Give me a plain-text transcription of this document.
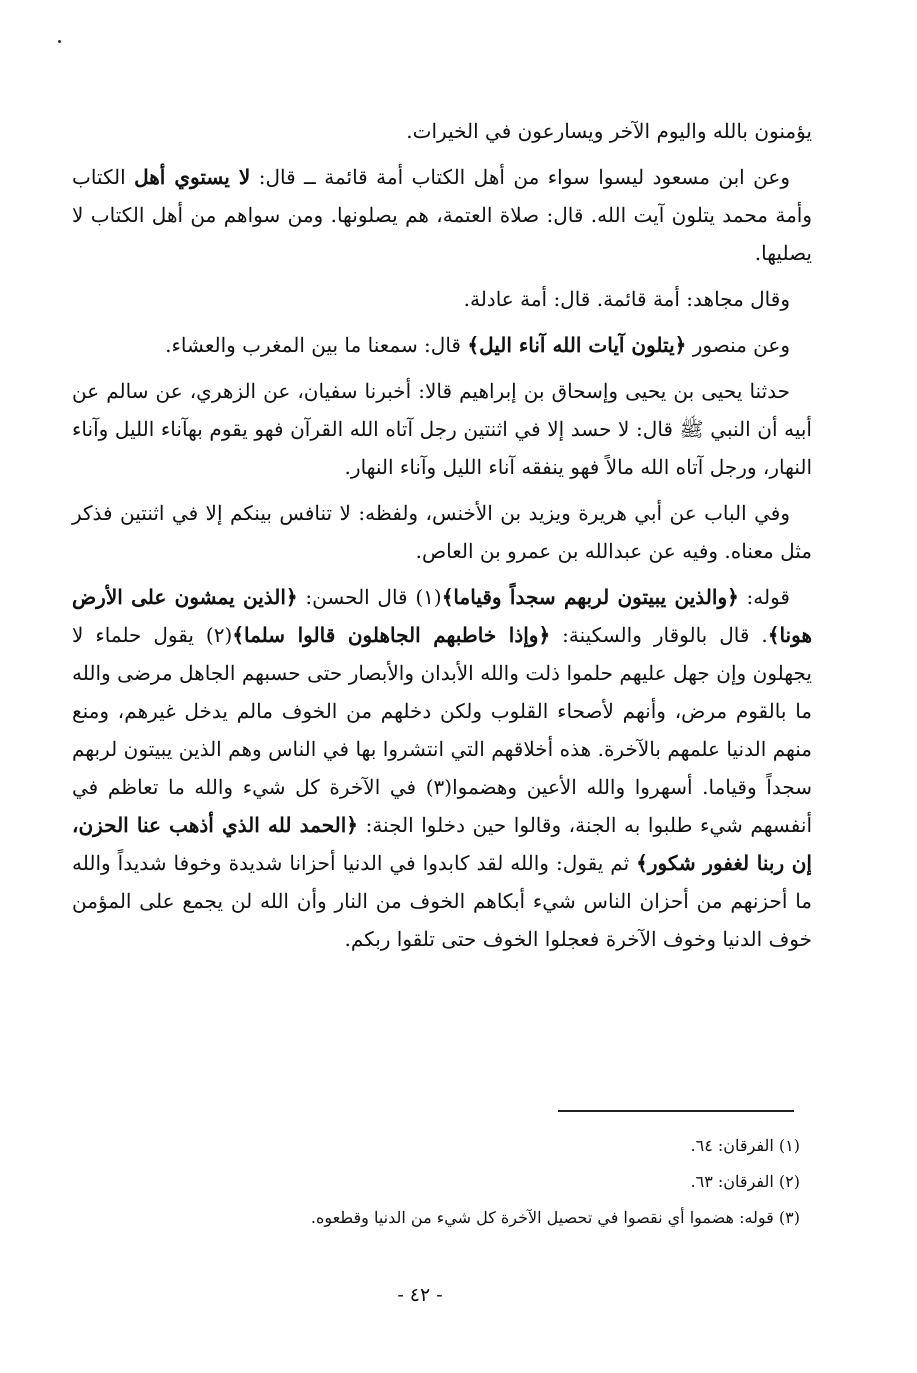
يؤمنون بالله واليوم الآخر ويسارعون في الخيرات.

وعن ابن مسعود ليسوا سواء من أهل الكتاب أمة قائمة ــ قال: لا يستوي أهل الكتاب وأمة محمد يتلون آيت الله. قال: صلاة العتمة، هم يصلونها. ومن سواهم من أهل الكتاب لا يصليها.

وقال مجاهد: أمة قائمة. قال: أمة عادلة.

وعن منصور ﴿يتلون آيات الله آناء اليل﴾ قال: سمعنا ما بين المغرب والعشاء.

حدثنا يحيى بن يحيى وإسحاق بن إبراهيم قالا: أخبرنا سفيان، عن الزهري، عن سالم عن أبيه أن النبي ﷺ قال: لا حسد إلا في اثنتين رجل آتاه الله القرآن فهو يقوم بهآناء الليل وآناء النهار، ورجل آتاه الله مالاً فهو ينفقه آناء الليل وآناء النهار.

وفي الباب عن أبي هريرة ويزيد بن الأخنس، ولفظه: لا تنافس بينكم إلا في اثنتين فذكر مثل معناه. وفيه عن عبدالله بن عمرو بن العاص.

قوله: ﴿والذين يبيتون لربهم سجداً وقياما﴾(١) قال الحسن: ﴿الذين يمشون على الأرض هونا﴾. قال بالوقار والسكينة: ﴿وإذا خاطبهم الجاهلون قالوا سلما﴾(٢) يقول حلماء لا يجهلون وإن جهل عليهم حلموا ذلت والله الأبدان والأبصار حتى حسبهم الجاهل مرضى والله ما بالقوم مرض، وأنهم لأصحاء القلوب ولكن دخلهم من الخوف مالم يدخل غيرهم، ومنع منهم الدنيا علمهم بالآخرة. هذه أخلاقهم التي انتشروا بها في الناس وهم الذين يبيتون لربهم سجداً وقياما. أسهروا والله الأعين وهضموا(٣) في الآخرة كل شيء والله ما تعاظم في أنفسهم شيء طلبوا به الجنة، وقالوا حين دخلوا الجنة: ﴿الحمد لله الذي أذهب عنا الحزن، إن ربنا لغفور شكور﴾ ثم يقول: والله لقد كابدوا في الدنيا أحزانا شديدة وخوفا شديداً والله ما أحزنهم من أحزان الناس شيء أبكاهم الخوف من النار وأن الله لن يجمع على المؤمن خوف الدنيا وخوف الآخرة فعجلوا الخوف حتى تلقوا ربكم.

(١) الفرقان: ٦٤.

(٢) الفرقان: ٦٣.

(٣) قوله: هضموا أي نقصوا في تحصيل الآخرة كل شيء من الدنيا وقطعوه.

- ٤٢ -
